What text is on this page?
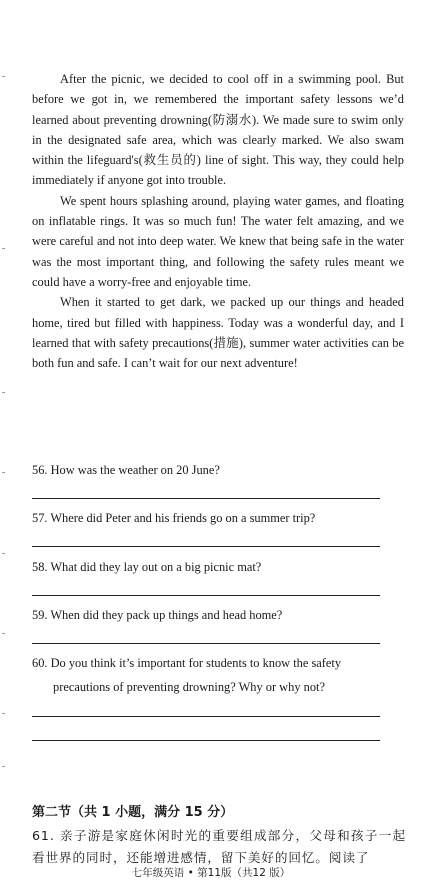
After the picnic, we decided to cool off in a swimming pool. But before we got in, we remembered the important safety lessons we’d learned about preventing drowning(防溺水). We made sure to swim only in the designated safe area, which was clearly marked. We also swam within the lifeguard's(救生员的) line of sight. This way, they could help immediately if anyone got into trouble.

We spent hours splashing around, playing water games, and floating on inflatable rings. It was so much fun! The water felt amazing, and we were careful and not into deep water. We knew that being safe in the water was the most important thing, and following the safety rules meant we could have a worry-free and enjoyable time.

When it started to get dark, we packed up our things and headed home, tired but filled with happiness. Today was a wonderful day, and I learned that with safety precautions(措施), summer water activities can be both fun and safe. I can’t wait for our next adventure!

56. How was the weather on 20 June?
57. Where did Peter and his friends go on a summer trip?
58. What did they lay out on a big picnic mat?
59. When did they pack up things and head home?
60. Do you think it’s important for students to know the safety
precautions of preventing drowning? Why or why not?
第二节（共 1 小题，满分 15 分）
61. 亲子游是家庭休闲时光的重要组成部分，父母和孩子一起看世界的同时，还能增进感情，留下美好的回忆。阅读了
七年级英语 • 第11版（共12 版）
